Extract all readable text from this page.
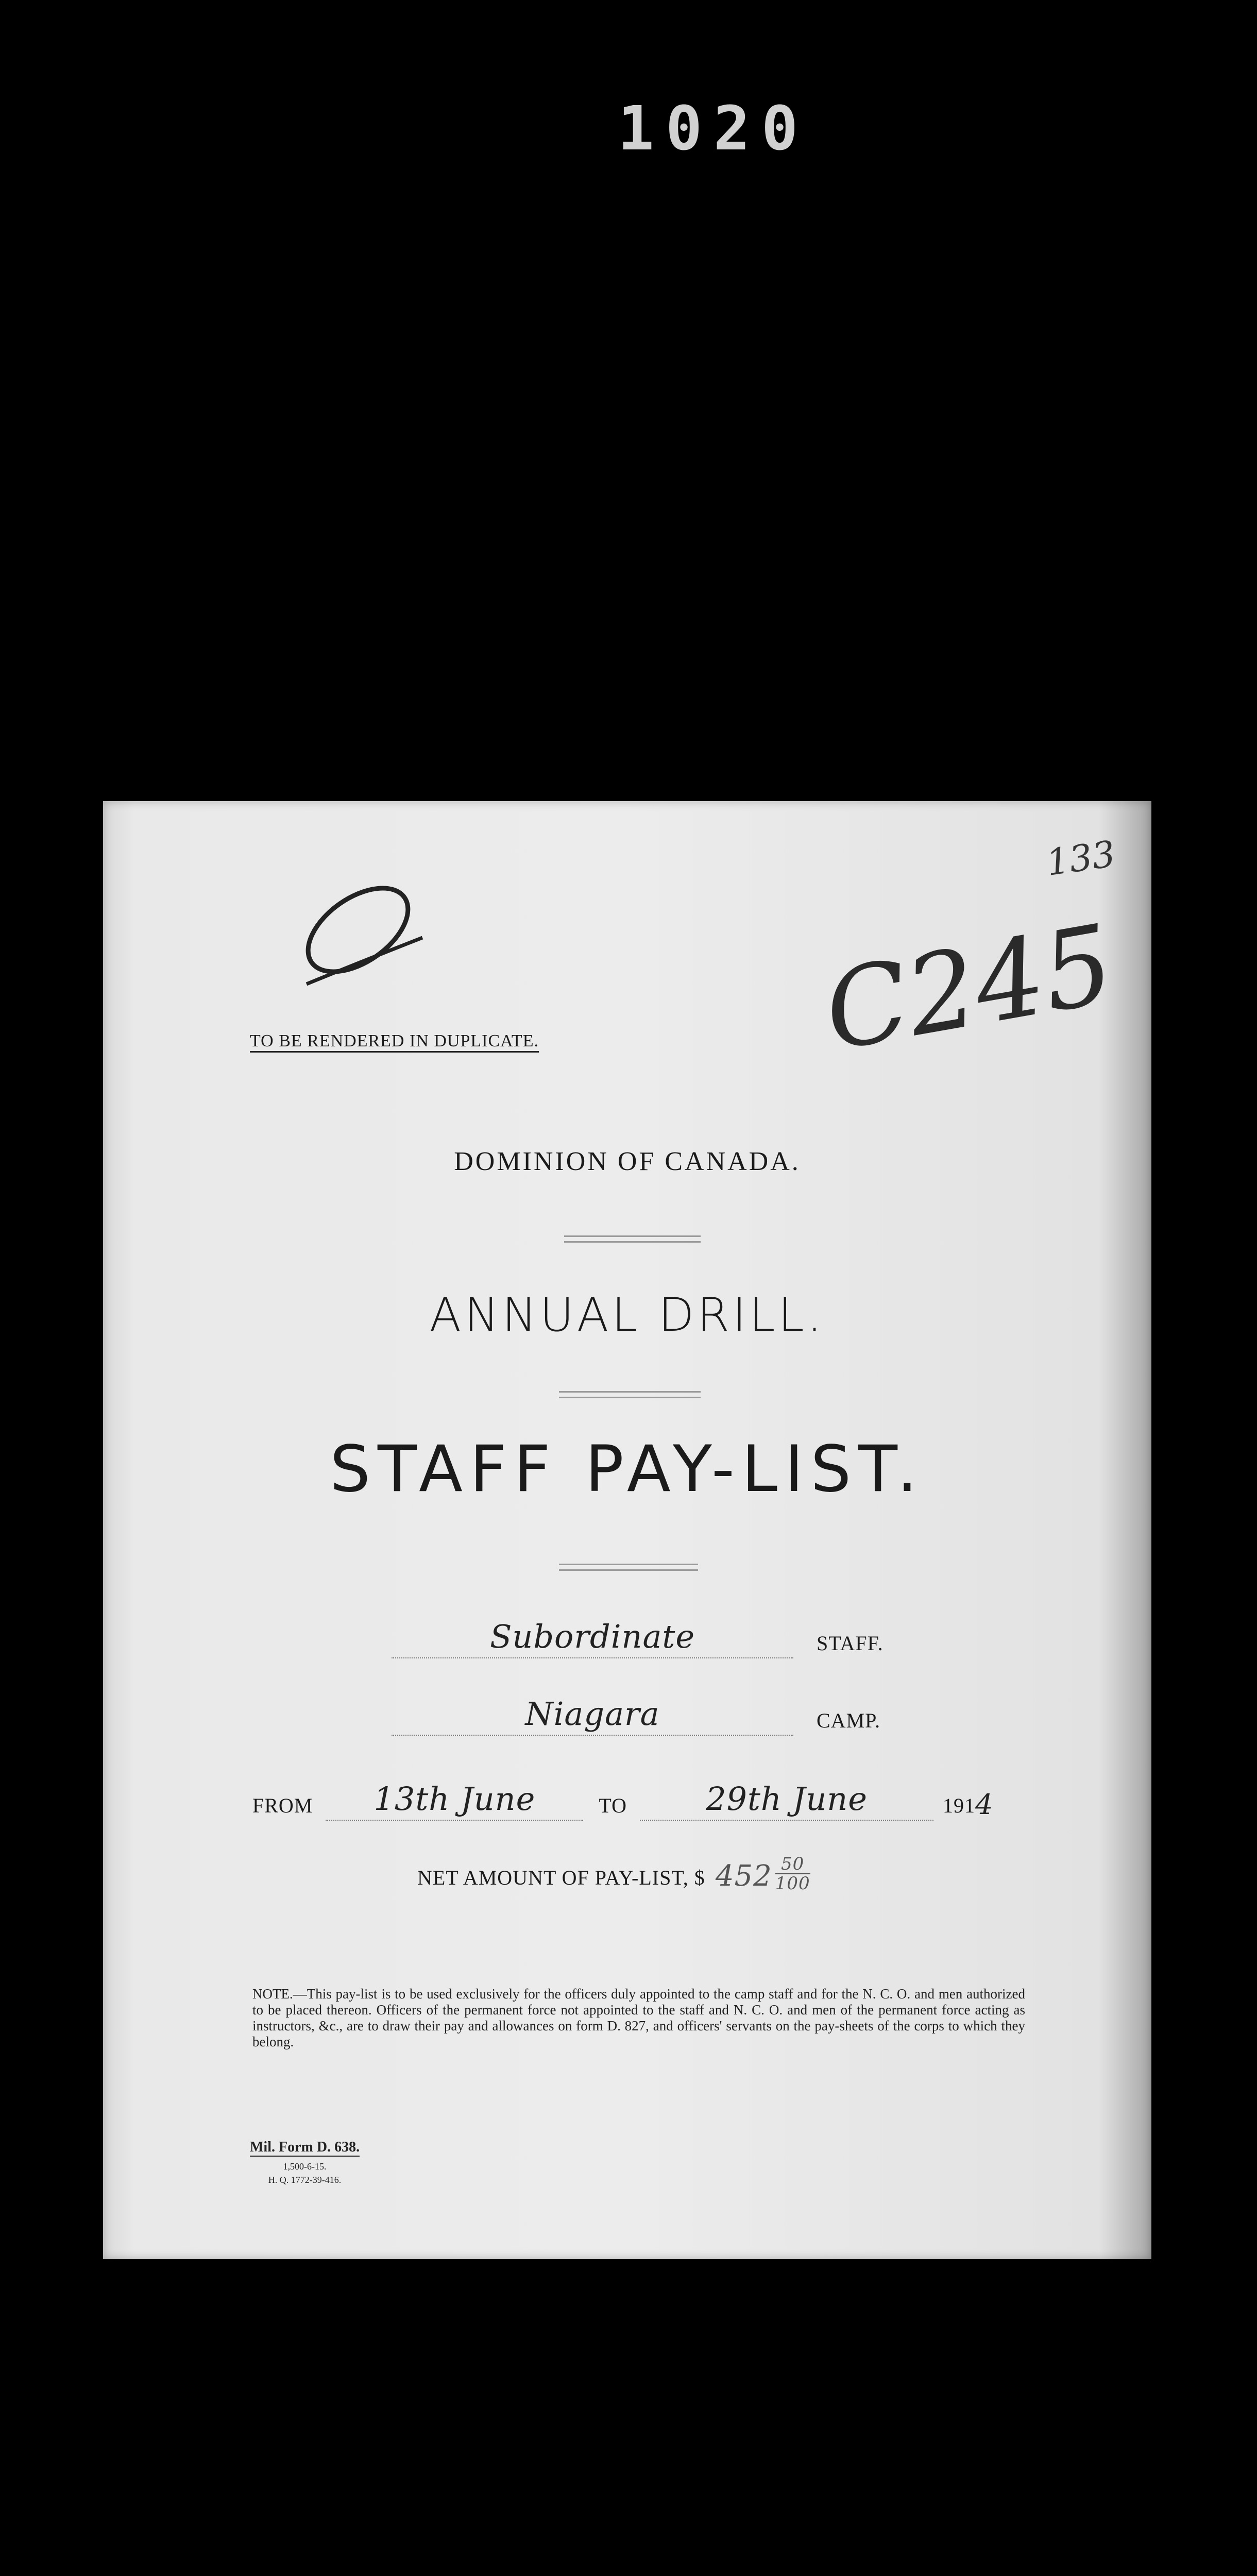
1020
133
C245
TO BE RENDERED IN DUPLICATE.
DOMINION OF CANADA.
ANNUAL DRILL.
STAFF PAY-LIST.
Subordinate	STAFF.
Niagara	CAMP.
FROM	13th June	TO	29th June	191 4
NET AMOUNT OF PAY-LIST, $ $452 \frac{50}{100}$
NOTE.—This pay-list is to be used exclusively for the officers duly appointed to the camp staff and for the N. C. O. and men authorized to be placed thereon. Officers of the permanent force not appointed to the staff and N. C. O. and men of the permanent force acting as instructors, &c., are to draw their pay and allowances on form D. 827, and officers' servants on the pay-sheets of the corps to which they belong.
Mil. Form D. 638.
1,500-6-15.
H. Q. 1772-39-416.
